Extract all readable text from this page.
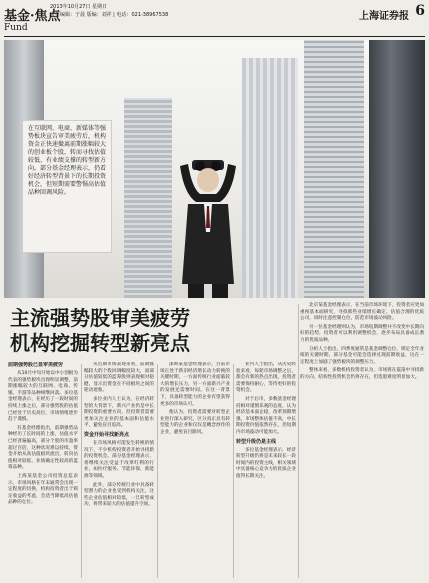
基金·焦点
Fund
2013年10月27日 星期日
责任编辑：于晨 版编：刘祥 | 电话：021-38967538	上海证券报 6

在互联网、电商、新媒体等强势板块宣告审美疲劳后，机构资金正快速撤离前期涨幅较大的创业板个股，转而寻找估值较低、有业绩支撑的转型新方向。部分基金经理表示，仍看好经济转型背景下的长期投资机会，但短期需要警惕高估值品种回调风险。

主流强势股审美疲劳
机构挖掘转型新亮点

北京某基金经理表示，在当前市场环境下，投资者应更加重视基本面研究，寻找那些业绩增长确定、估值合理的优质公司，同时注意控制仓位，防范市场波动风险。

另一位基金经理则认为，市场短期调整并不改变中长期向好的趋势，投资者可以利用调整机会，逐步布局具备成长潜力的优质品种。

分析人士指出，四季度通常是基金调整仓位、锁定全年业绩的关键时期，部分基金可能会选择兑现前期收益，这在一定程度上加剧了强势板块的调整压力。

整体来看，多数机构投资者认为，市场将在震荡中寻找新的方向，结构性投资机会仍将存在，但选股难度明显加大。

前期强势股已显审美疲劳

从10月中旬开始以中小创板为代表的强势板块出现明显调整，前期涨幅较大的互联网、电商、传媒、手游等品种相继回落。多位基金经理表示，在经历了一段时间的持续上涨之后，部分强势股的估值已经处于历史高位，市场情绪逐步趋于谨慎。

有基金经理指出，前期强势品种经历了长时间的上涨，估值水平已经普遍偏高，部分个股的市盈率超过百倍，这种状况难以持续，资金开始从高估值板块流出，转向估值相对较低、业绩确定性较高的蓝筹品种。

上海某基金公司投资总监表示，市场风格在年末通常会出现一定程度的切换，机构投资者出于锁定收益的考虑，会适当降低高估值品种的仓位。

从近期市场表现来看，前期涨幅较大的个股回调幅度较大，而部分估值较低的蓝筹股则表现相对稳健，显示出资金在不同板块之间的轮动迹象。

多位业内人士认为，在经济转型的大背景下，新兴产业仍是中长期投资的重要方向，但投资者需要更加关注企业的基本面和估值水平，避免盲目追高。

资金开始寻找新亮点

在市场风格可能发生转换的情况下，不少机构投资者开始寻找新的投资机会。部分基金经理表示，将继续关注受益于改革红利的行业，如医疗服务、节能环保、新能源等领域。

此外，部分传统行业中具备转型潜力的企业也受到机构关注，这些企业估值相对较低，一旦转型成功，将带来较大的估值提升空间。

深圳某基金经理表示，目前市场正处于新旧经济增长动力转换的关键时期，一方面传统行业面临较大的增长压力，另一方面新兴产业的发展还需要时间。在这一背景下，具备转型能力的企业有望获得更多的市场认可。

他认为，投资者需要对转型企业进行深入研究，区分真正具有转型能力的企业和仅仅是概念炒作的企业，避免盲目跟风。

业内人士指出，从历史经验来看，每轮市场调整之后，都会有新的热点出现，投资者需要保持耐心，等待更好的投资机会。

对于后市，多数基金经理持相对谨慎乐观的态度，认为经济基本面企稳，改革预期增强，市场整体估值不高，中长期投资价值依然存在，但短期内市场波动可能加大。

转型升级仍是主线

多位基金经理表示，经济转型升级仍将是未来较长一段时间内的投资主线，相关领域中具备核心竞争力的优质企业值得长期关注。
